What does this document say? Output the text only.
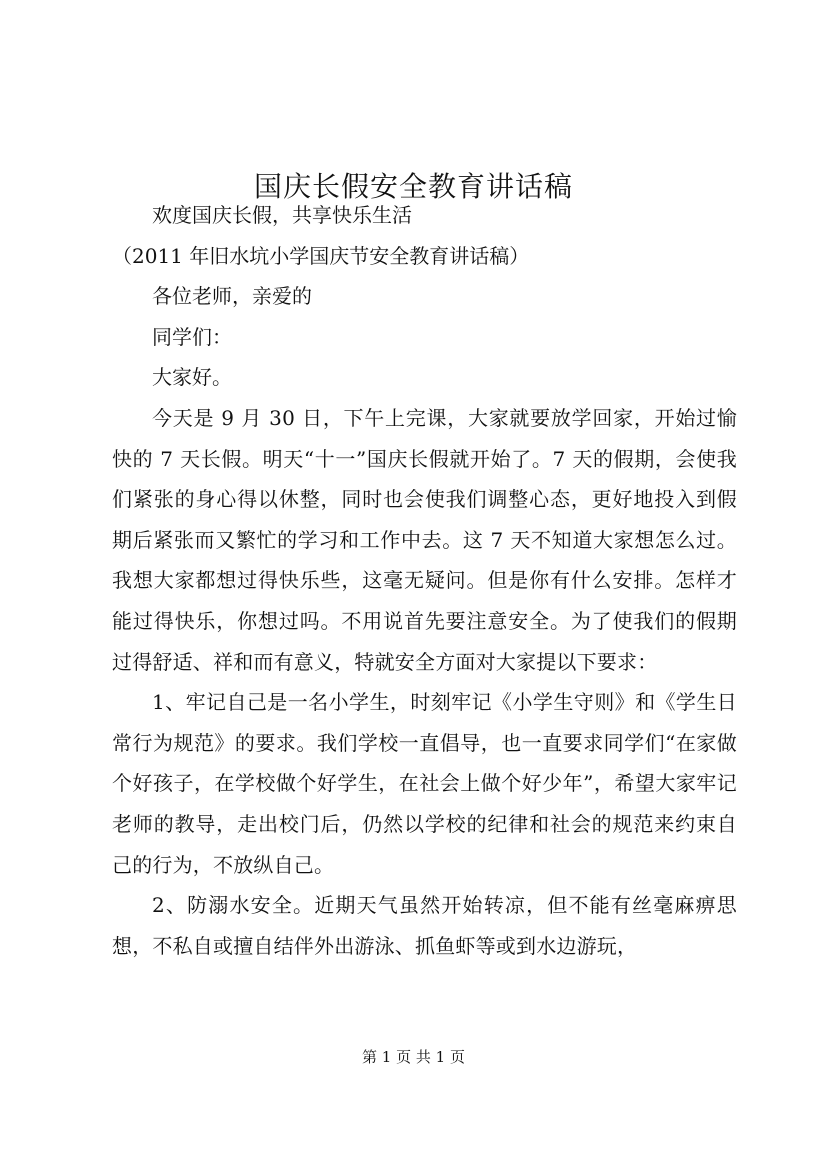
国庆长假安全教育讲话稿
欢度国庆长假，共享快乐生活
（2011 年旧水坑小学国庆节安全教育讲话稿）
各位老师，亲爱的
同学们：
大家好。
今天是 9 月 30 日，下午上完课，大家就要放学回家，开始过愉快的 7 天长假。明天“十一”国庆长假就开始了。7 天的假期，会使我们紧张的身心得以休整，同时也会使我们调整心态，更好地投入到假期后紧张而又繁忙的学习和工作中去。这 7 天不知道大家想怎么过。我想大家都想过得快乐些，这毫无疑问。但是你有什么安排。怎样才能过得快乐，你想过吗。不用说首先要注意安全。为了使我们的假期过得舒适、祥和而有意义，特就安全方面对大家提以下要求：
1、牢记自己是一名小学生，时刻牢记《小学生守则》和《学生日常行为规范》的要求。我们学校一直倡导，也一直要求同学们“在家做个好孩子，在学校做个好学生，在社会上做个好少年”，希望大家牢记老师的教导，走出校门后，仍然以学校的纪律和社会的规范来约束自己的行为，不放纵自己。
2、防溺水安全。近期天气虽然开始转凉，但不能有丝毫麻痹思想，不私自或擅自结伴外出游泳、抓鱼虾等或到水边游玩，
第 1 页 共 1 页
